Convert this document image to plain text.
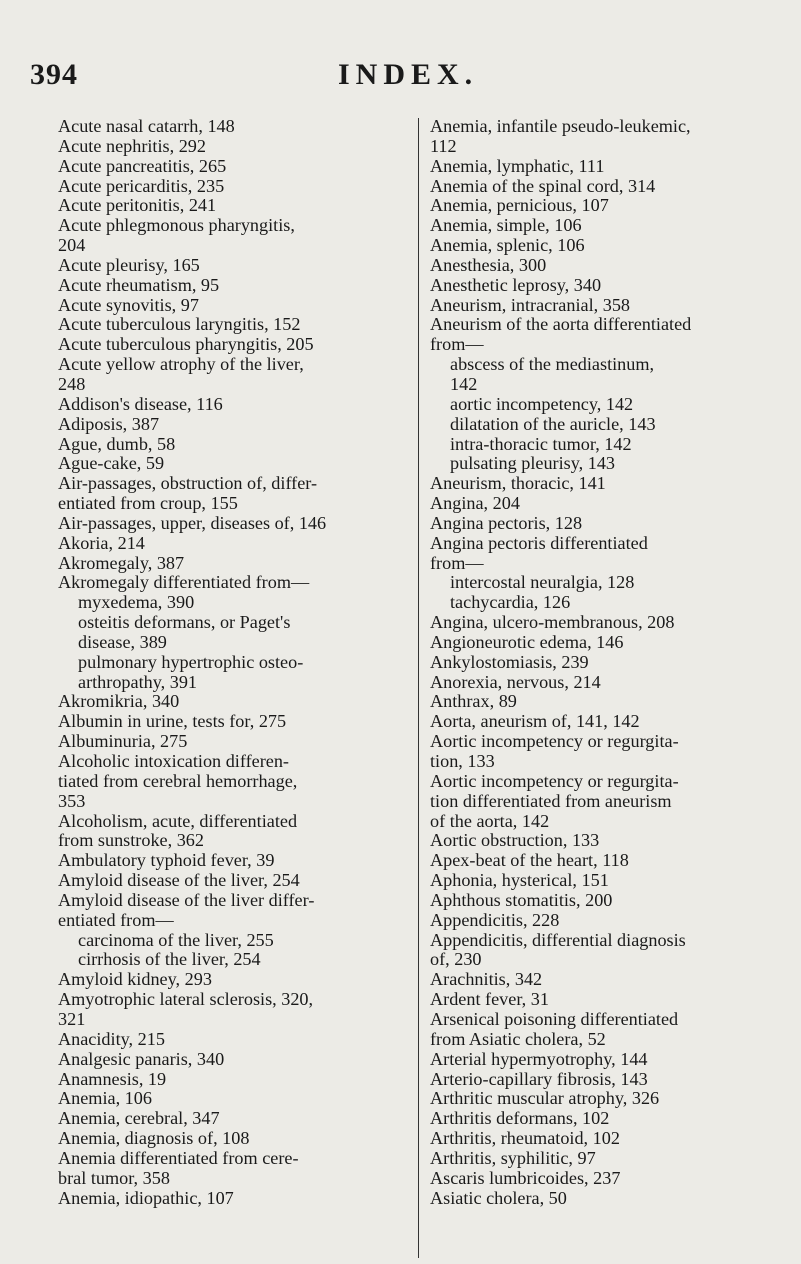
394	INDEX.

Acute nasal catarrh, 148

Acute nephritis, 292

Acute pancreatitis, 265

Acute pericarditis, 235

Acute peritonitis, 241

Acute phlegmonous pharyngitis,
204

Acute pleurisy, 165

Acute rheumatism, 95

Acute synovitis, 97

Acute tuberculous laryngitis, 152

Acute tuberculous pharyngitis, 205

Acute yellow atrophy of the liver,
248

Addison's disease, 116

Adiposis, 387

Ague, dumb, 58

Ague-cake, 59

Air-passages, obstruction of, differ-
entiated from croup, 155

Air-passages, upper, diseases of, 146

Akoria, 214

Akromegaly, 387

Akromegaly differentiated from—

myxedema, 390

osteitis deformans, or Paget's
disease, 389

pulmonary hypertrophic osteo-
arthropathy, 391

Akromikria, 340

Albumin in urine, tests for, 275

Albuminuria, 275

Alcoholic intoxication differen-
tiated from cerebral hemorrhage,
353

Alcoholism, acute, differentiated
from sunstroke, 362

Ambulatory typhoid fever, 39

Amyloid disease of the liver, 254

Amyloid disease of the liver differ-
entiated from—

carcinoma of the liver, 255

cirrhosis of the liver, 254

Amyloid kidney, 293

Amyotrophic lateral sclerosis, 320,
321

Anacidity, 215

Analgesic panaris, 340

Anamnesis, 19

Anemia, 106

Anemia, cerebral, 347

Anemia, diagnosis of, 108

Anemia differentiated from cere-
bral tumor, 358

Anemia, idiopathic, 107

Anemia, infantile pseudo-leukemic,
112

Anemia, lymphatic, 111

Anemia of the spinal cord, 314

Anemia, pernicious, 107

Anemia, simple, 106

Anemia, splenic, 106

Anesthesia, 300

Anesthetic leprosy, 340

Aneurism, intracranial, 358

Aneurism of the aorta differentiated
from—

abscess of the mediastinum,
142

aortic incompetency, 142

dilatation of the auricle, 143

intra-thoracic tumor, 142

pulsating pleurisy, 143

Aneurism, thoracic, 141

Angina, 204

Angina pectoris, 128

Angina pectoris differentiated
from—

intercostal neuralgia, 128

tachycardia, 126

Angina, ulcero-membranous, 208

Angioneurotic edema, 146

Ankylostomiasis, 239

Anorexia, nervous, 214

Anthrax, 89

Aorta, aneurism of, 141, 142

Aortic incompetency or regurgita-
tion, 133

Aortic incompetency or regurgita-
tion differentiated from aneurism
of the aorta, 142

Aortic obstruction, 133

Apex-beat of the heart, 118

Aphonia, hysterical, 151

Aphthous stomatitis, 200

Appendicitis, 228

Appendicitis, differential diagnosis
of, 230

Arachnitis, 342

Ardent fever, 31

Arsenical poisoning differentiated
from Asiatic cholera, 52

Arterial hypermyotrophy, 144

Arterio-capillary fibrosis, 143

Arthritic muscular atrophy, 326

Arthritis deformans, 102

Arthritis, rheumatoid, 102

Arthritis, syphilitic, 97

Ascaris lumbricoides, 237

Asiatic cholera, 50
